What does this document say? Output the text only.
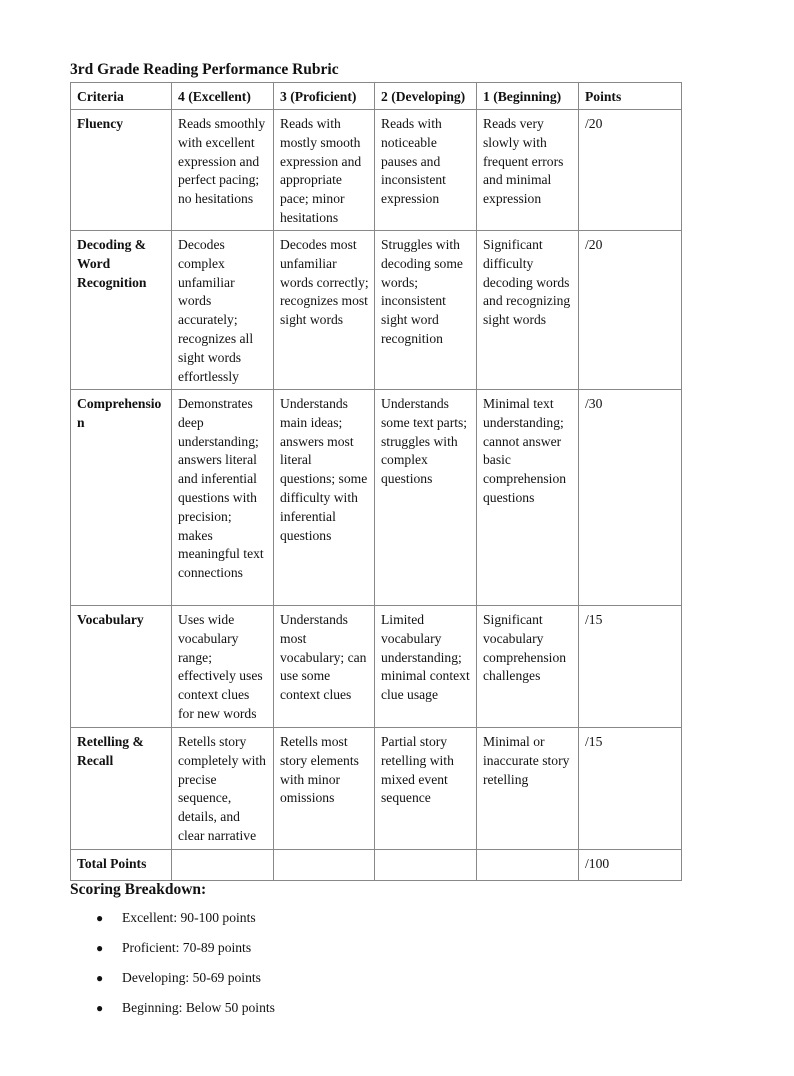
3rd Grade Reading Performance Rubric
Criteria	4 (Excellent)	3 (Proficient)	2 (Developing)	1 (Beginning)	Points
Fluency	Reads smoothly with excellent expression and perfect pacing; no hesitations	Reads with mostly smooth expression and appropriate pace; minor hesitations	Reads with noticeable pauses and inconsistent expression	Reads very slowly with frequent errors and minimal expression	/20
Decoding & Word Recognition	Decodes complex unfamiliar words accurately; recognizes all sight words effortlessly	Decodes most unfamiliar words correctly; recognizes most sight words	Struggles with decoding some words; inconsistent sight word recognition	Significant difficulty decoding words and recognizing sight words	/20
Comprehension	Demonstrates deep understanding; answers literal and inferential questions with precision; makes meaningful text connections	Understands main ideas; answers most literal questions; some difficulty with inferential questions	Understands some text parts; struggles with complex questions	Minimal text understanding; cannot answer basic comprehension questions	/30
Vocabulary	Uses wide vocabulary range; effectively uses context clues for new words	Understands most vocabulary; can use some context clues	Limited vocabulary understanding; minimal context clue usage	Significant vocabulary comprehension challenges	/15
Retelling & Recall	Retells story completely with precise sequence, details, and clear narrative	Retells most story elements with minor omissions	Partial story retelling with mixed event sequence	Minimal or inaccurate story retelling	/15
Total Points					/100
Scoring Breakdown:
● Excellent: 90-100 points
● Proficient: 70-89 points
● Developing: 50-69 points
● Beginning: Below 50 points
